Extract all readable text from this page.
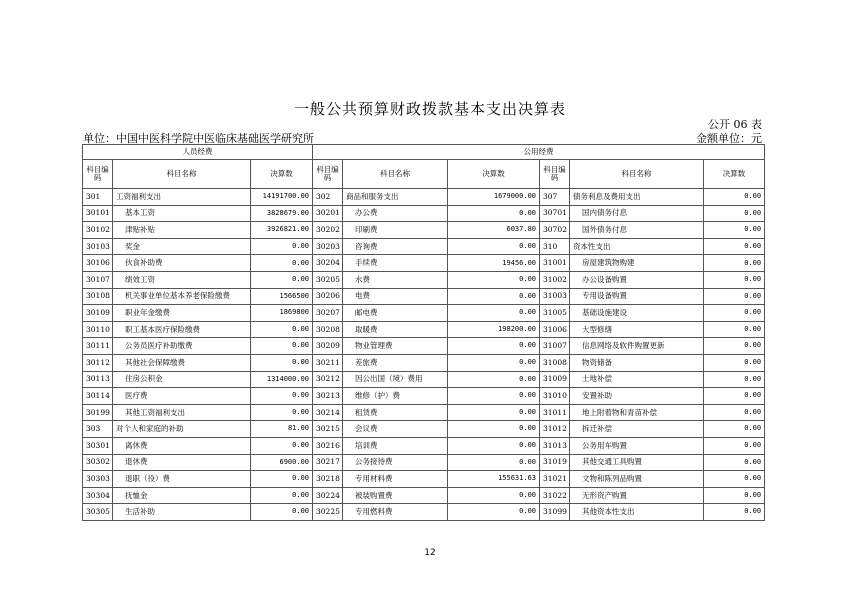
一般公共预算财政拨款基本支出决算表
公开 06 表
单位：中国中医科学院中医临床基础医学研究所	金额单位：元
人员经费			公用经费					
科目编码	科目名称	决算数	科目编码	科目名称	决算数	科目编码	科目名称	决算数
301	工资福利支出	14191700.00	302	商品和服务支出	1679000.00	307	债务利息及费用支出	0.00
30101	基本工资	3828679.00	30201	办公费	0.00	30701	国内债务付息	0.00
30102	津贴补贴	3926821.00	30202	印刷费	6037.80	30702	国外债务付息	0.00
30103	奖金	0.00	30203	咨询费	0.00	310	资本性支出	0.00
30106	伙食补助费	0.00	30204	手续费	19456.00	31001	房屋建筑物购建	0.00
30107	绩效工资	0.00	30205	水费	0.00	31002	办公设备购置	0.00
30108	机关事业单位基本养老保险缴费	1566500	30206	电费	0.00	31003	专用设备购置	0.00
30109	职业年金缴费	1869800	30207	邮电费	0.00	31005	基础设施建设	0.00
30110	职工基本医疗保险缴费	0.00	30208	取暖费	198200.00	31006	大型修缮	0.00
30111	公务员医疗补助缴费	0.00	30209	物业管理费	0.00	31007	信息网络及软件购置更新	0.00
30112	其他社会保障缴费	0.00	30211	差旅费	0.00	31008	物资储备	0.00
30113	住房公积金	1314000.00	30212	因公出国（境）费用	0.00	31009	土地补偿	0.00
30114	医疗费	0.00	30213	维修（护）费	0.00	31010	安置补助	0.00
30199	其他工资福利支出	0.00	30214	租赁费	0.00	31011	地上附着物和青苗补偿	0.00
303	对个人和家庭的补助	81.00	30215	会议费	0.00	31012	拆迁补偿	0.00
30301	离休费	0.00	30216	培训费	0.00	31013	公务用车购置	0.00
30302	退休费	6900.00	30217	公务接待费	0.00	31019	其他交通工具购置	0.00
30303	退职（役）费	0.00	30218	专用材料费	155631.63	31021	文物和陈列品购置	0.00
30304	抚恤金	0.00	30224	被装购置费	0.00	31022	无形资产购置	0.00
30305	生活补助	0.00	30225	专用燃料费	0.00	31099	其他资本性支出	0.00
12
